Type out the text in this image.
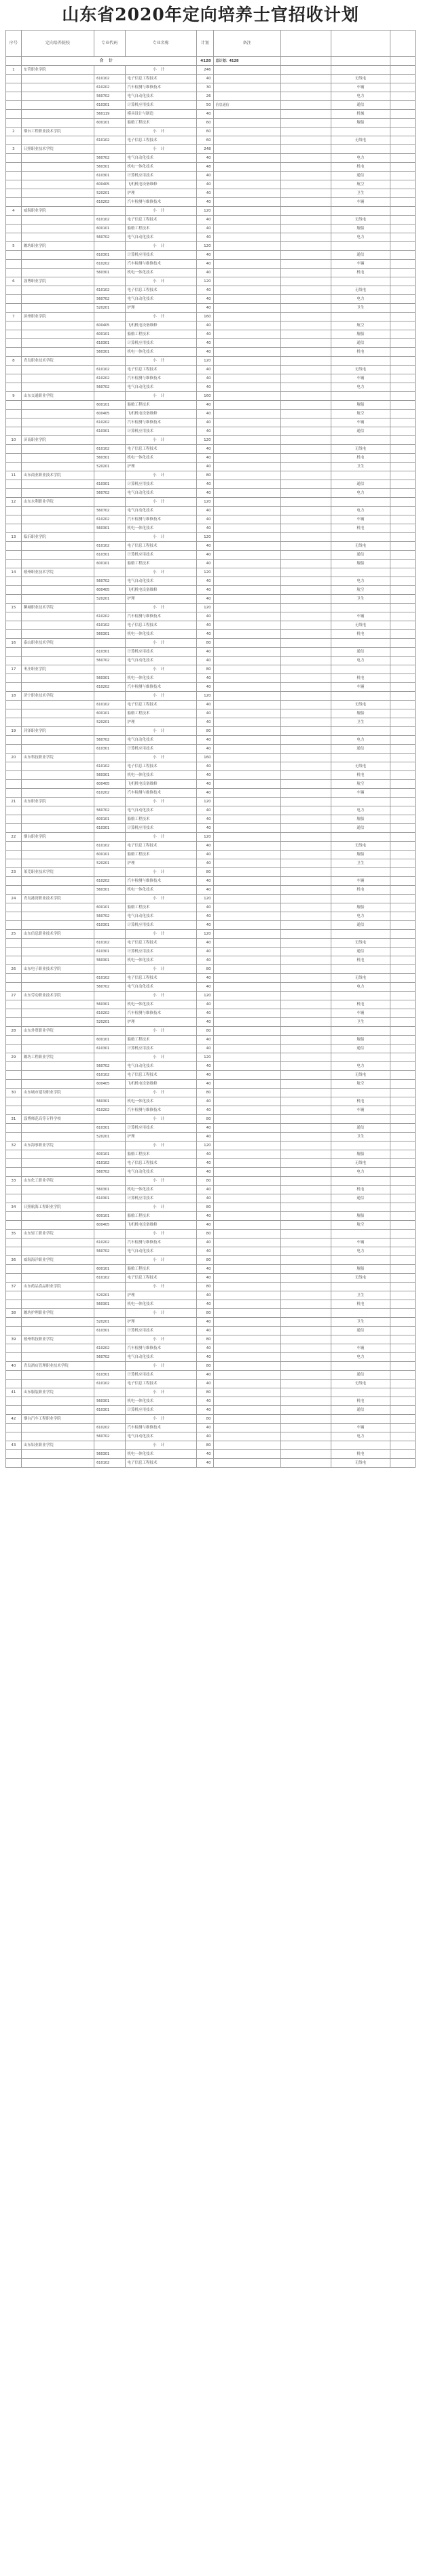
山东省2020年定向培养士官招收计划
序号	定向培养院校	专业代码	专业名称	计划	备注			
	合计			4128	总计划：4128			
1	东营职业学院		小计	246				
		610102	电子信息工程技术	40			无线电	
		610202	汽车检测与维修技术	30			车辆	
		560702	电气自动化技术	26			电力	
		610301	计算机应用技术	50	信息通信		通信	
		560119	模具设计与制造	40			机械	
		600101	船舶工程技术	60			舰船	
2	烟台工程职业技术学院		小计	60				
		610102	电子信息工程技术	60			无线电	
3	日照职业技术学院		小计	248				
		560702	电气自动化技术	40			电力	
		560301	机电一体化技术	48			机电	
		610301	计算机应用技术	40			通信	
		600405	飞机机电设备维修	40			航空	
		520201	护理	40			卫生	
		610202	汽车检测与维修技术	40			车辆	
4	威海职业学院		小计	120				
		610102	电子信息工程技术	40			无线电	
		600101	船舶工程技术	40			舰船	
		560702	电气自动化技术	40			电力	
5	潍坊职业学院		小计	120				
		610301	计算机应用技术	40			通信	
		610202	汽车检测与维修技术	40			车辆	
		560301	机电一体化技术	40			机电	
6	淄博职业学院		小计	120				
		610102	电子信息工程技术	40			无线电	
		560702	电气自动化技术	40			电力	
		520201	护理	40			卫生	
7	滨州职业学院		小计	160				
		600405	飞机机电设备维修	40			航空	
		600101	船舶工程技术	40			舰船	
		610301	计算机应用技术	40			通信	
		560301	机电一体化技术	40			机电	
8	青岛职业技术学院		小计	120				
		610102	电子信息工程技术	40			无线电	
		610202	汽车检测与维修技术	40			车辆	
		560702	电气自动化技术	40			电力	
9	山东交通职业学院		小计	160				
		600101	船舶工程技术	40			舰船	
		600405	飞机机电设备维修	40			航空	
		610202	汽车检测与维修技术	40			车辆	
		610301	计算机应用技术	40			通信	
10	济南职业学院		小计	120				
		610102	电子信息工程技术	40			无线电	
		560301	机电一体化技术	40			机电	
		520201	护理	40			卫生	
11	山东商业职业技术学院		小计	80				
		610301	计算机应用技术	40			通信	
		560702	电气自动化技术	40			电力	
12	山东水利职业学院		小计	120				
		560702	电气自动化技术	40			电力	
		610202	汽车检测与维修技术	40			车辆	
		560301	机电一体化技术	40			机电	
13	临沂职业学院		小计	120				
		610102	电子信息工程技术	40			无线电	
		610301	计算机应用技术	40			通信	
		600101	船舶工程技术	40			舰船	
14	德州职业技术学院		小计	120				
		560702	电气自动化技术	40			电力	
		600405	飞机机电设备维修	40			航空	
		520201	护理	40			卫生	
15	聊城职业技术学院		小计	120				
		610202	汽车检测与维修技术	40			车辆	
		610102	电子信息工程技术	40			无线电	
		560301	机电一体化技术	40			机电	
16	泰山职业技术学院		小计	80				
		610301	计算机应用技术	40			通信	
		560702	电气自动化技术	40			电力	
17	枣庄职业学院		小计	80				
		560301	机电一体化技术	40			机电	
		610202	汽车检测与维修技术	40			车辆	
18	济宁职业技术学院		小计	120				
		610102	电子信息工程技术	40			无线电	
		600101	船舶工程技术	40			舰船	
		520201	护理	40			卫生	
19	菏泽职业学院		小计	80				
		560702	电气自动化技术	40			电力	
		610301	计算机应用技术	40			通信	
20	山东科技职业学院		小计	160				
		610102	电子信息工程技术	40			无线电	
		560301	机电一体化技术	40			机电	
		600405	飞机机电设备维修	40			航空	
		610202	汽车检测与维修技术	40			车辆	
21	山东职业学院		小计	120				
		560702	电气自动化技术	40			电力	
		600101	船舶工程技术	40			舰船	
		610301	计算机应用技术	40			通信	
22	烟台职业学院		小计	120				
		610102	电子信息工程技术	40			无线电	
		600101	船舶工程技术	40			舰船	
		520201	护理	40			卫生	
23	莱芜职业技术学院		小计	80				
		610202	汽车检测与维修技术	40			车辆	
		560301	机电一体化技术	40			机电	
24	青岛港湾职业技术学院		小计	120				
		600101	船舶工程技术	40			舰船	
		560702	电气自动化技术	40			电力	
		610301	计算机应用技术	40			通信	
25	山东信息职业技术学院		小计	120				
		610102	电子信息工程技术	40			无线电	
		610301	计算机应用技术	40			通信	
		560301	机电一体化技术	40			机电	
26	山东电子职业技术学院		小计	80				
		610102	电子信息工程技术	40			无线电	
		560702	电气自动化技术	40			电力	
27	山东劳动职业技术学院		小计	120				
		560301	机电一体化技术	40			机电	
		610202	汽车检测与维修技术	40			车辆	
		520201	护理	40			卫生	
28	山东外贸职业学院		小计	80				
		600101	船舶工程技术	40			舰船	
		610301	计算机应用技术	40			通信	
29	潍坊工程职业学院		小计	120				
		560702	电气自动化技术	40			电力	
		610102	电子信息工程技术	40			无线电	
		600405	飞机机电设备维修	40			航空	
30	山东城市建设职业学院		小计	80				
		560301	机电一体化技术	40			机电	
		610202	汽车检测与维修技术	40			车辆	
31	淄博师范高等专科学校		小计	80				
		610301	计算机应用技术	40			通信	
		520201	护理	40			卫生	
32	山东海事职业学院		小计	120				
		600101	船舶工程技术	40			舰船	
		610102	电子信息工程技术	40			无线电	
		560702	电气自动化技术	40			电力	
33	山东化工职业学院		小计	80				
		560301	机电一体化技术	40			机电	
		610301	计算机应用技术	40			通信	
34	日照航海工程职业学院		小计	80				
		600101	船舶工程技术	40			舰船	
		600405	飞机机电设备维修	40			航空	
35	山东轻工职业学院		小计	80				
		610202	汽车检测与维修技术	40			车辆	
		560702	电气自动化技术	40			电力	
36	威海海洋职业学院		小计	80				
		600101	船舶工程技术	40			舰船	
		610102	电子信息工程技术	40			无线电	
37	山东药品食品职业学院		小计	80				
		520201	护理	40			卫生	
		560301	机电一体化技术	40			机电	
38	潍坊护理职业学院		小计	80				
		520201	护理	40			卫生	
		610301	计算机应用技术	40			通信	
39	德州科技职业学院		小计	80				
		610202	汽车检测与维修技术	40			车辆	
		560702	电气自动化技术	40			电力	
40	青岛酒店管理职业技术学院		小计	80				
		610301	计算机应用技术	40			通信	
		610102	电子信息工程技术	40			无线电	
41	山东服装职业学院		小计	80				
		560301	机电一体化技术	40			机电	
		610301	计算机应用技术	40			通信	
42	烟台汽车工程职业学院		小计	80				
		610202	汽车检测与维修技术	40			车辆	
		560702	电气自动化技术	40			电力	
43	山东铝业职业学院		小计	80				
		560301	机电一体化技术	40			机电	
		610102	电子信息工程技术	40			无线电	
